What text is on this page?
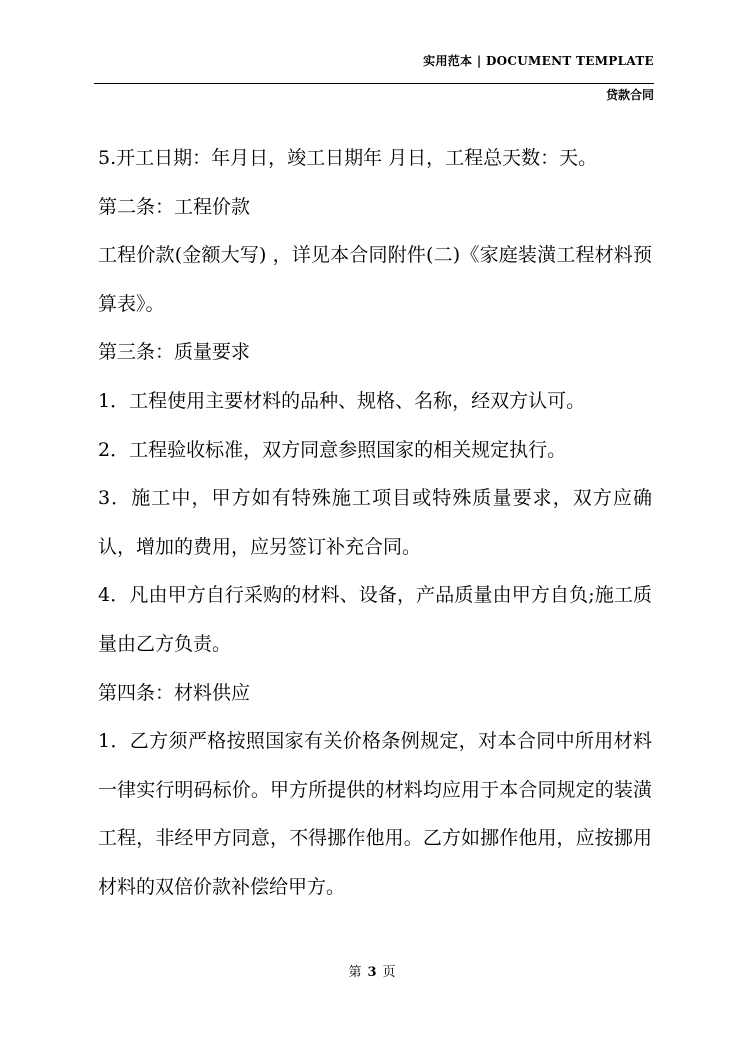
实用范本 | DOCUMENT TEMPLATE
贷款合同

5.开工日期：年月日，竣工日期年 月日，工程总天数：天。

第二条：工程价款

工程价款(金额大写) ，详见本合同附件(二)《家庭装潢工程材料预算表》。

第三条：质量要求

1．工程使用主要材料的品种、规格、名称，经双方认可。

2．工程验收标准，双方同意参照国家的相关规定执行。

3．施工中，甲方如有特殊施工项目或特殊质量要求，双方应确认，增加的费用，应另签订补充合同。

4．凡由甲方自行采购的材料、设备，产品质量由甲方自负;施工质量由乙方负责。

第四条：材料供应

1．乙方须严格按照国家有关价格条例规定，对本合同中所用材料一律实行明码标价。甲方所提供的材料均应用于本合同规定的装潢工程，非经甲方同意，不得挪作他用。乙方如挪作他用，应按挪用材料的双倍价款补偿给甲方。

第 3 页
